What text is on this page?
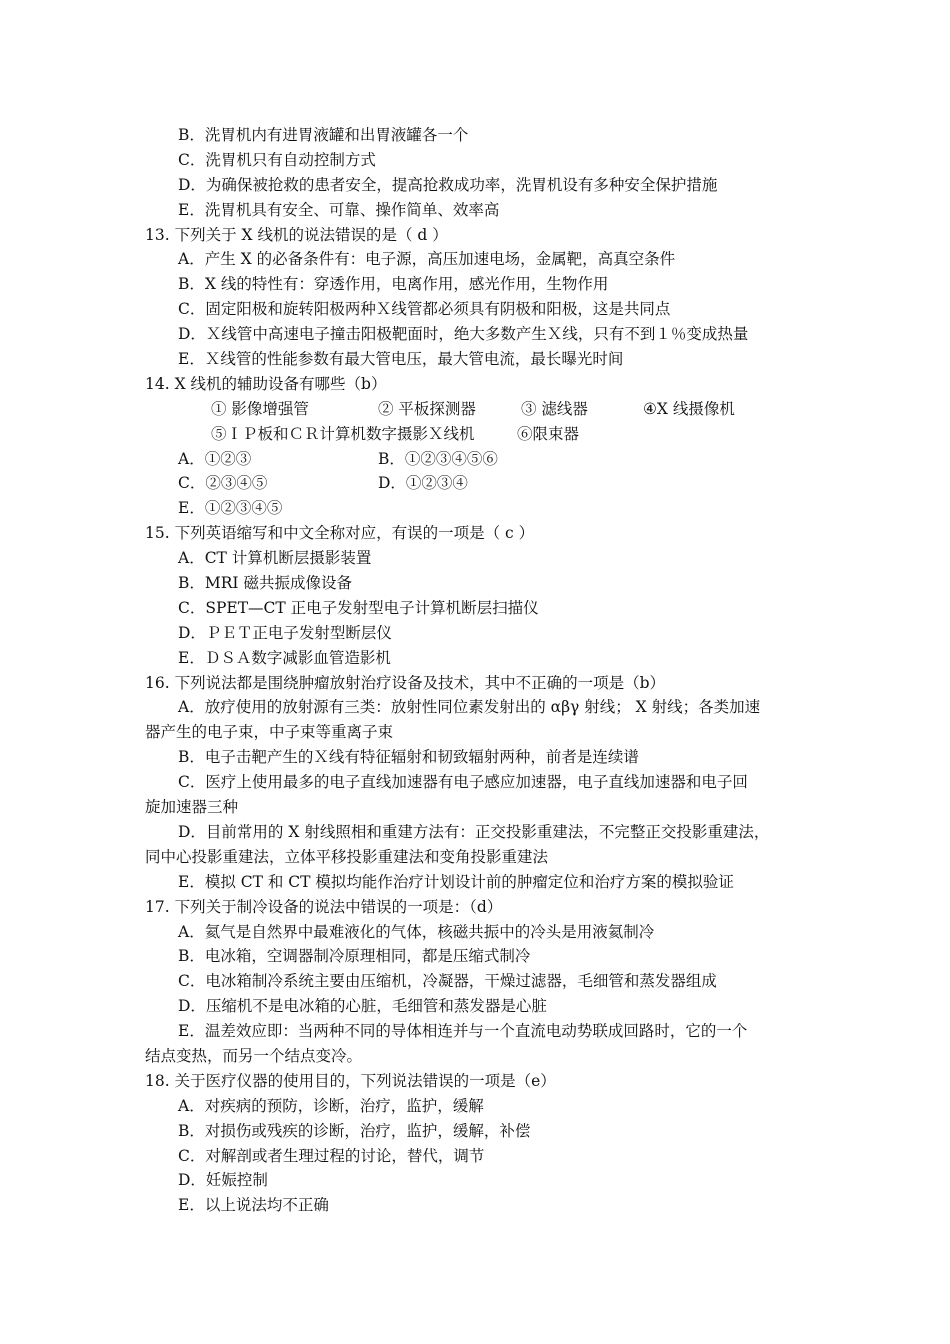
B．洗胃机内有进胃液罐和出胃液罐各一个
C．洗胃机只有自动控制方式
D．为确保被抢救的患者安全，提高抢救成功率，洗胃机设有多种安全保护措施
E．洗胃机具有安全、可靠、操作简单、效率高
13. 下列关于 X 线机的说法错误的是（ d ）
A．产生 X 的必备条件有：电子源，高压加速电场，金属靶，高真空条件
B．X 线的特性有：穿透作用，电离作用，感光作用，生物作用
C．固定阳极和旋转阳极两种Ｘ线管都必须具有阴极和阳极，这是共同点
D．Ｘ线管中高速电子撞击阳极靶面时，绝大多数产生Ｘ线，只有不到１％变成热量
E．Ｘ线管的性能参数有最大管电压，最大管电流，最长曝光时间
14. X 线机的辅助设备有哪些（b）
① 影像增强管	② 平板探测器	③ 滤线器	④X 线摄像机
⑤ＩＰ板和ＣＲ计算机数字摄影Ｘ线机	⑥限束器
A．①②③	B．①②③④⑤⑥
C．②③④⑤	D．①②③④
E．①②③④⑤
15. 下列英语缩写和中文全称对应，有误的一项是（ c ）
A．CT 计算机断层摄影装置
B．MRI 磁共振成像设备
C．SPET—CT 正电子发射型电子计算机断层扫描仪
D．ＰＥＴ正电子发射型断层仪
E．ＤＳＡ数字减影血管造影机
16. 下列说法都是围绕肿瘤放射治疗设备及技术，其中不正确的一项是（b）
A．放疗使用的放射源有三类：放射性同位素发射出的 αβγ 射线； X 射线；各类加速
器产生的电子束，中子束等重离子束
B．电子击靶产生的Ｘ线有特征辐射和韧致辐射两种，前者是连续谱
C．医疗上使用最多的电子直线加速器有电子感应加速器，电子直线加速器和电子回
旋加速器三种
D．目前常用的 X 射线照相和重建方法有：正交投影重建法，不完整正交投影重建法，
同中心投影重建法，立体平移投影重建法和变角投影重建法
E．模拟 CT 和 CT 模拟均能作治疗计划设计前的肿瘤定位和治疗方案的模拟验证
17. 下列关于制冷设备的说法中错误的一项是：（d）
A．氦气是自然界中最难液化的气体，核磁共振中的冷头是用液氦制冷
B．电冰箱，空调器制冷原理相同，都是压缩式制冷
C．电冰箱制冷系统主要由压缩机，冷凝器，干燥过滤器，毛细管和蒸发器组成
D．压缩机不是电冰箱的心脏，毛细管和蒸发器是心脏
E．温差效应即：当两种不同的导体相连并与一个直流电动势联成回路时，它的一个
结点变热，而另一个结点变冷。
18. 关于医疗仪器的使用目的，下列说法错误的一项是（e）
A．对疾病的预防，诊断，治疗，监护，缓解
B．对损伤或残疾的诊断，治疗，监护，缓解，补偿
C．对解剖或者生理过程的讨论，替代，调节
D．妊娠控制
E．以上说法均不正确
